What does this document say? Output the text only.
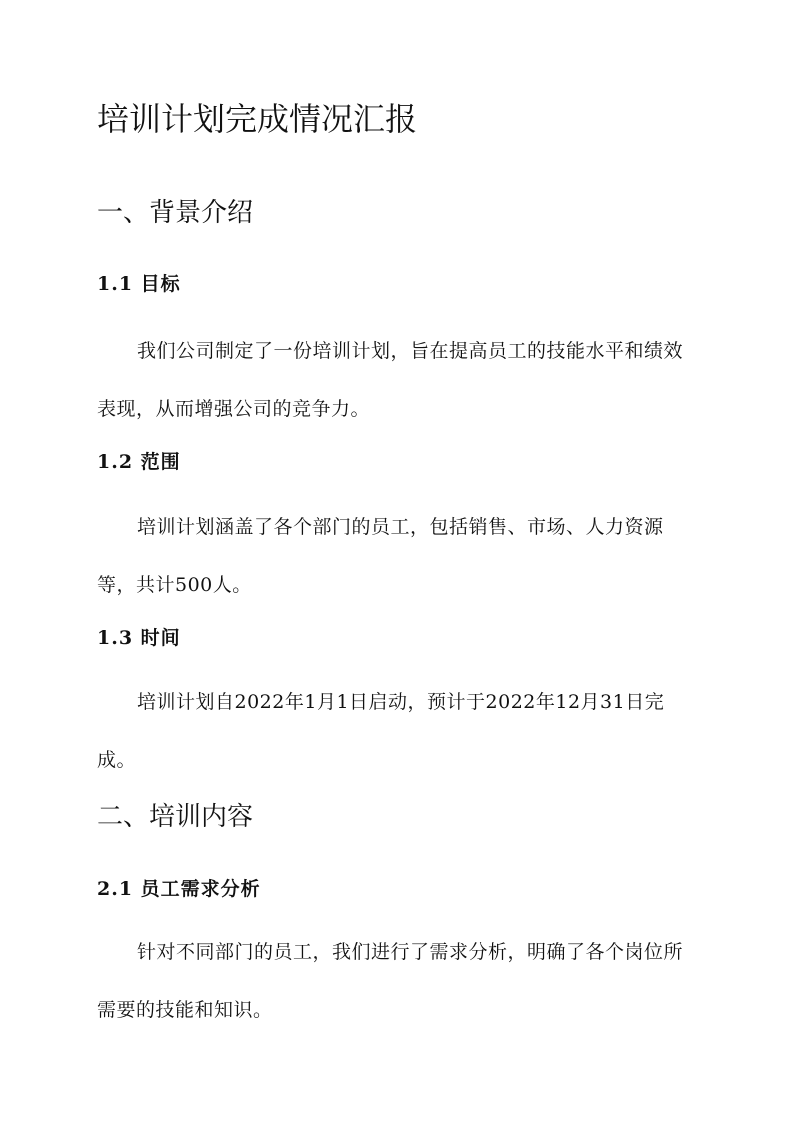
培训计划完成情况汇报
一、背景介绍
1.1 目标

我们公司制定了一份培训计划，旨在提高员工的技能水平和绩效表现，从而增强公司的竞争力。

1.2 范围

培训计划涵盖了各个部门的员工，包括销售、市场、人力资源等，共计500人。

1.3 时间

培训计划自2022年1月1日启动，预计于2022年12月31日完成。

二、培训内容
2.1 员工需求分析

针对不同部门的员工，我们进行了需求分析，明确了各个岗位所需要的技能和知识。
